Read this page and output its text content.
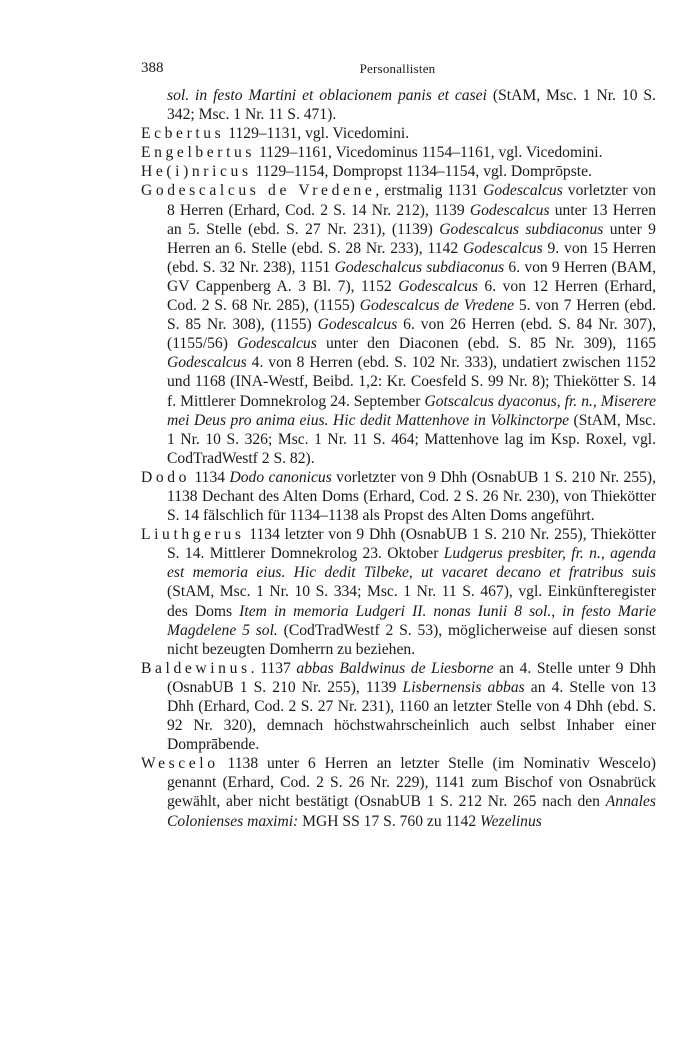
388	Personallisten

sol. in festo Martini et oblacionem panis et casei (StAM, Msc. 1 Nr. 10 S. 342; Msc. 1 Nr. 11 S. 471).

Ecbertus 1129–1131, vgl. Vicedomini.

Engelbertus 1129–1161, Vicedominus 1154–1161, vgl. Vicedomini.

He(i)nricus 1129–1154, Dompropst 1134–1154, vgl. Domprōpste.

Godescalcus de Vredene, erstmalig 1131 Godescalcus vorletzter von 8 Herren (Erhard, Cod. 2 S. 14 Nr. 212), 1139 Godescalcus unter 13 Herren an 5. Stelle (ebd. S. 27 Nr. 231), (1139) Godescalcus subdiaconus unter 9 Herren an 6. Stelle (ebd. S. 28 Nr. 233), 1142 Godescalcus 9. von 15 Herren (ebd. S. 32 Nr. 238), 1151 Godeschalcus subdiaconus 6. von 9 Herren (BAM, GV Cappenberg A. 3 Bl. 7), 1152 Godescalcus 6. von 12 Herren (Erhard, Cod. 2 S. 68 Nr. 285), (1155) Godescalcus de Vredene 5. von 7 Herren (ebd. S. 85 Nr. 308), (1155) Godescalcus 6. von 26 Herren (ebd. S. 84 Nr. 307), (1155/56) Godescalcus unter den Diaconen (ebd. S. 85 Nr. 309), 1165 Godescalcus 4. von 8 Herren (ebd. S. 102 Nr. 333), undatiert zwischen 1152 und 1168 (INA-Westf, Beibd. 1,2: Kr. Coesfeld S. 99 Nr. 8); Thiekötter S. 14 f. Mittlerer Domnekrolog 24. September Gotscalcus dyaconus, fr. n., Miserere mei Deus pro anima eius. Hic dedit Mattenhove in Volkinctorpe (StAM, Msc. 1 Nr. 10 S. 326; Msc. 1 Nr. 11 S. 464; Mattenhove lag im Ksp. Roxel, vgl. CodTradWestf 2 S. 82).

Dodo 1134 Dodo canonicus vorletzter von 9 Dhh (OsnabUB 1 S. 210 Nr. 255), 1138 Dechant des Alten Doms (Erhard, Cod. 2 S. 26 Nr. 230), von Thiekötter S. 14 fälschlich für 1134–1138 als Propst des Alten Doms angeführt.

Liuthgerus 1134 letzter von 9 Dhh (OsnabUB 1 S. 210 Nr. 255), Thiekötter S. 14. Mittlerer Domnekrolog 23. Oktober Ludgerus presbiter, fr. n., agenda est memoria eius. Hic dedit Tilbeke, ut vacaret decano et fratribus suis (StAM, Msc. 1 Nr. 10 S. 334; Msc. 1 Nr. 11 S. 467), vgl. Einkünfteregister des Doms Item in memoria Ludgeri II. nonas Iunii 8 sol., in festo Marie Magdelene 5 sol. (CodTradWestf 2 S. 53), möglicherweise auf diesen sonst nicht bezeugten Domherrn zu beziehen.

Baldewinus. 1137 abbas Baldwinus de Liesborne an 4. Stelle unter 9 Dhh (OsnabUB 1 S. 210 Nr. 255), 1139 Lisbernensis abbas an 4. Stelle von 13 Dhh (Erhard, Cod. 2 S. 27 Nr. 231), 1160 an letzter Stelle von 4 Dhh (ebd. S. 92 Nr. 320), demnach höchstwahrscheinlich auch selbst Inhaber einer Domprābende.

Wescelo 1138 unter 6 Herren an letzter Stelle (im Nominativ Wescelo) genannt (Erhard, Cod. 2 S. 26 Nr. 229), 1141 zum Bischof von Osnabrück gewählt, aber nicht bestätigt (OsnabUB 1 S. 212 Nr. 265 nach den Annales Colonienses maximi: MGH SS 17 S. 760 zu 1142 Wezelinus
